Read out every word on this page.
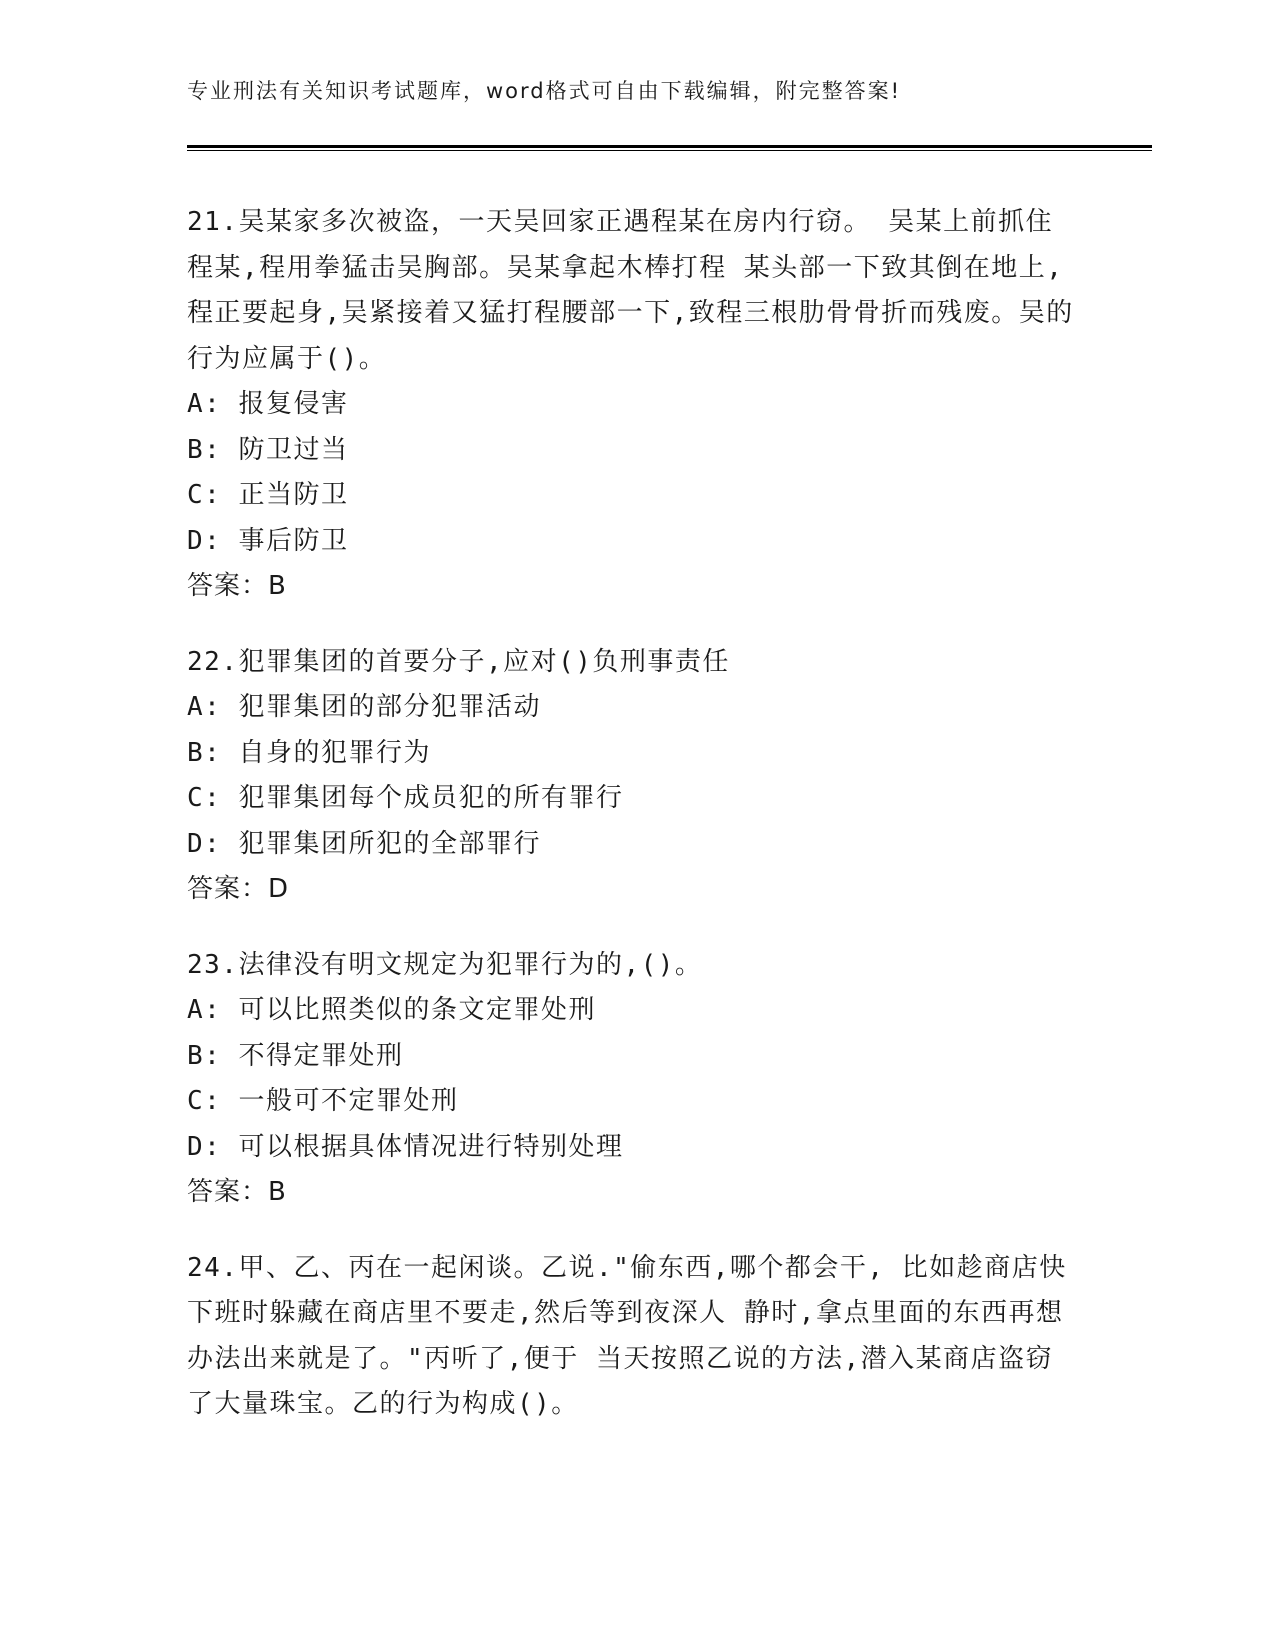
专业刑法有关知识考试题库，word格式可自由下载编辑，附完整答案!
21.吴某家多次被盗，一天吴回家正遇程某在房内行窃。 吴某上前抓住程某,程用拳猛击吴胸部。吴某拿起木棒打程 某头部一下致其倒在地上,程正要起身,吴紧接着又猛打程腰部一下,致程三根肋骨骨折而残废。吴的行为应属于()。
A: 报复侵害
B: 防卫过当
C: 正当防卫
D: 事后防卫
答案：B
22.犯罪集团的首要分子,应对()负刑事责任
A: 犯罪集团的部分犯罪活动
B: 自身的犯罪行为
C: 犯罪集团每个成员犯的所有罪行
D: 犯罪集团所犯的全部罪行
答案：D
23.法律没有明文规定为犯罪行为的,()。
A: 可以比照类似的条文定罪处刑
B: 不得定罪处刑
C: 一般可不定罪处刑
D: 可以根据具体情况进行特别处理
答案：B
24.甲、乙、丙在一起闲谈。乙说."偷东西,哪个都会干, 比如趁商店快下班时躲藏在商店里不要走,然后等到夜深人 静时,拿点里面的东西再想办法出来就是了。"丙听了,便于 当天按照乙说的方法,潜入某商店盗窃了大量珠宝。乙的行为构成()。
